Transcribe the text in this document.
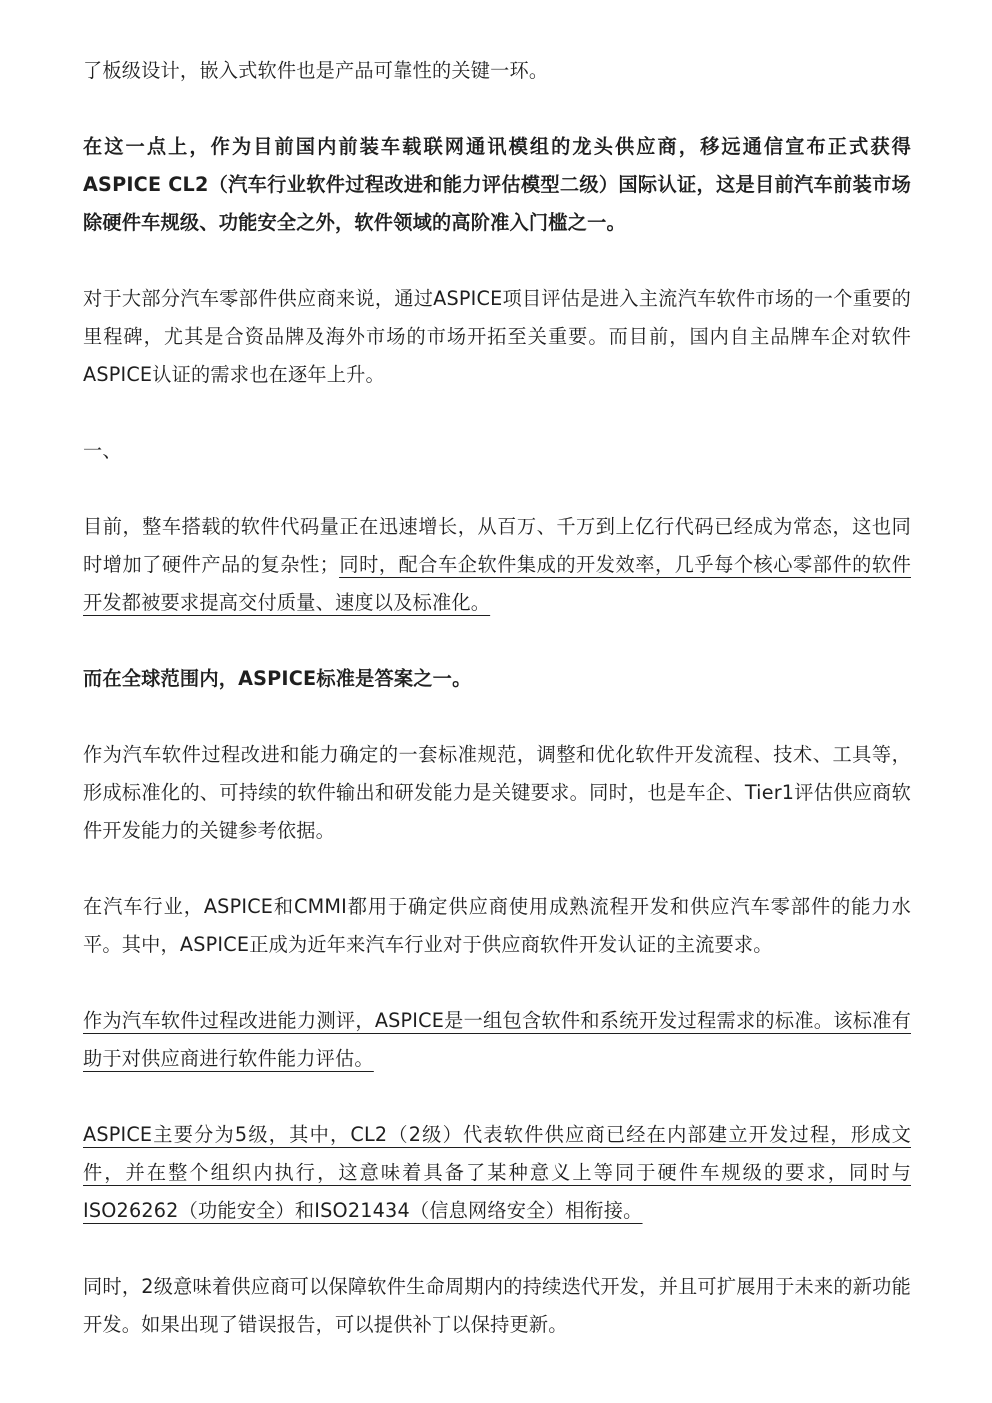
了板级设计，嵌入式软件也是产品可靠性的关键一环。

在这一点上，作为目前国内前装车载联网通讯模组的龙头供应商，移远通信宣布正式获得ASPICE CL2（汽车行业软件过程改进和能力评估模型二级）国际认证，这是目前汽车前装市场除硬件车规级、功能安全之外，软件领域的高阶准入门槛之一。

对于大部分汽车零部件供应商来说，通过ASPICE项目评估是进入主流汽车软件市场的一个重要的里程碑，尤其是合资品牌及海外市场的市场开拓至关重要。而目前，国内自主品牌车企对软件ASPICE认证的需求也在逐年上升。

一、

目前，整车搭载的软件代码量正在迅速增长，从百万、千万到上亿行代码已经成为常态，这也同时增加了硬件产品的复杂性；同时，配合车企软件集成的开发效率，几乎每个核心零部件的软件开发都被要求提高交付质量、速度以及标准化。

而在全球范围内，ASPICE标准是答案之一。

作为汽车软件过程改进和能力确定的一套标准规范，调整和优化软件开发流程、技术、工具等，形成标准化的、可持续的软件输出和研发能力是关键要求。同时，也是车企、Tier1评估供应商软件开发能力的关键参考依据。

在汽车行业，ASPICE和CMMI都用于确定供应商使用成熟流程开发和供应汽车零部件的能力水平。其中，ASPICE正成为近年来汽车行业对于供应商软件开发认证的主流要求。

作为汽车软件过程改进能力测评，ASPICE是一组包含软件和系统开发过程需求的标准。该标准有助于对供应商进行软件能力评估。

ASPICE主要分为5级，其中，CL2（2级）代表软件供应商已经在内部建立开发过程，形成文件，并在整个组织内执行，这意味着具备了某种意义上等同于硬件车规级的要求，同时与ISO26262（功能安全）和ISO21434（信息网络安全）相衔接。

同时，2级意味着供应商可以保障软件生命周期内的持续迭代开发，并且可扩展用于未来的新功能开发。如果出现了错误报告，可以提供补丁以保持更新。
